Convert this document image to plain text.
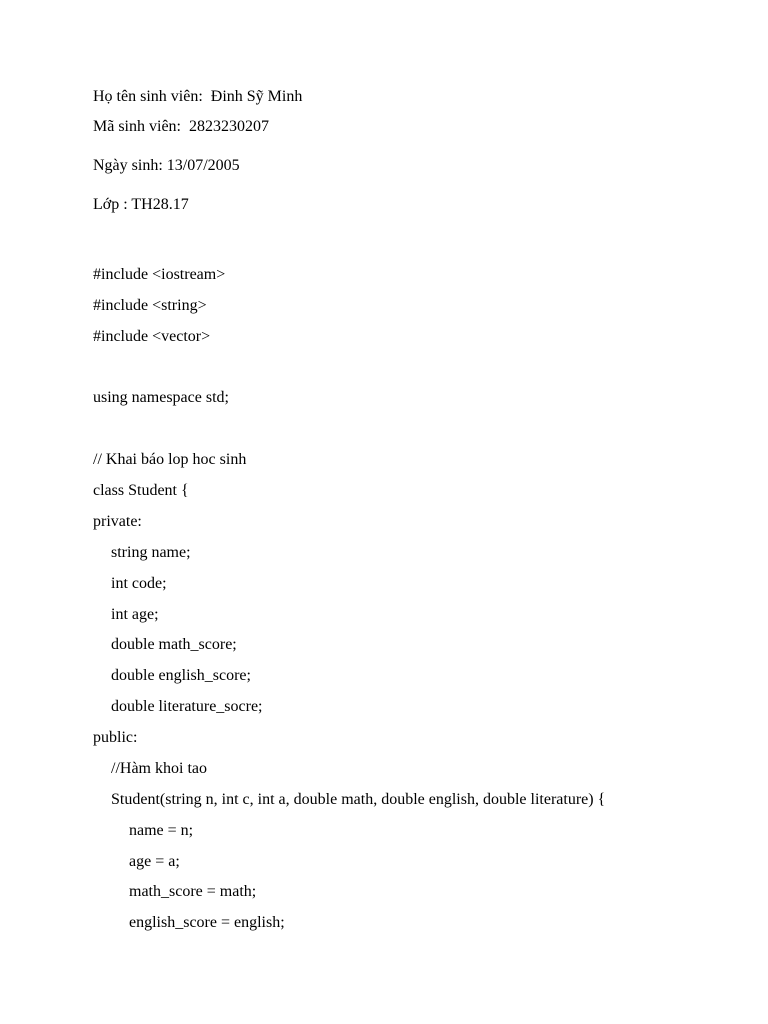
Họ tên sinh viên:  Đinh Sỹ Minh
Mã sinh viên:  2823230207
Ngày sinh: 13/07/2005
Lớp : TH28.17
#include <iostream>
#include <string>
#include <vector>
using namespace std;
// Khai báo lop hoc sinh
class Student {
private:
string name;
int code;
int age;
double math_score;
double english_score;
double literature_socre;
public:
//Hàm khoi tao
Student(string n, int c, int a, double math, double english, double literature) {
name = n;
age = a;
math_score = math;
english_score = english;
